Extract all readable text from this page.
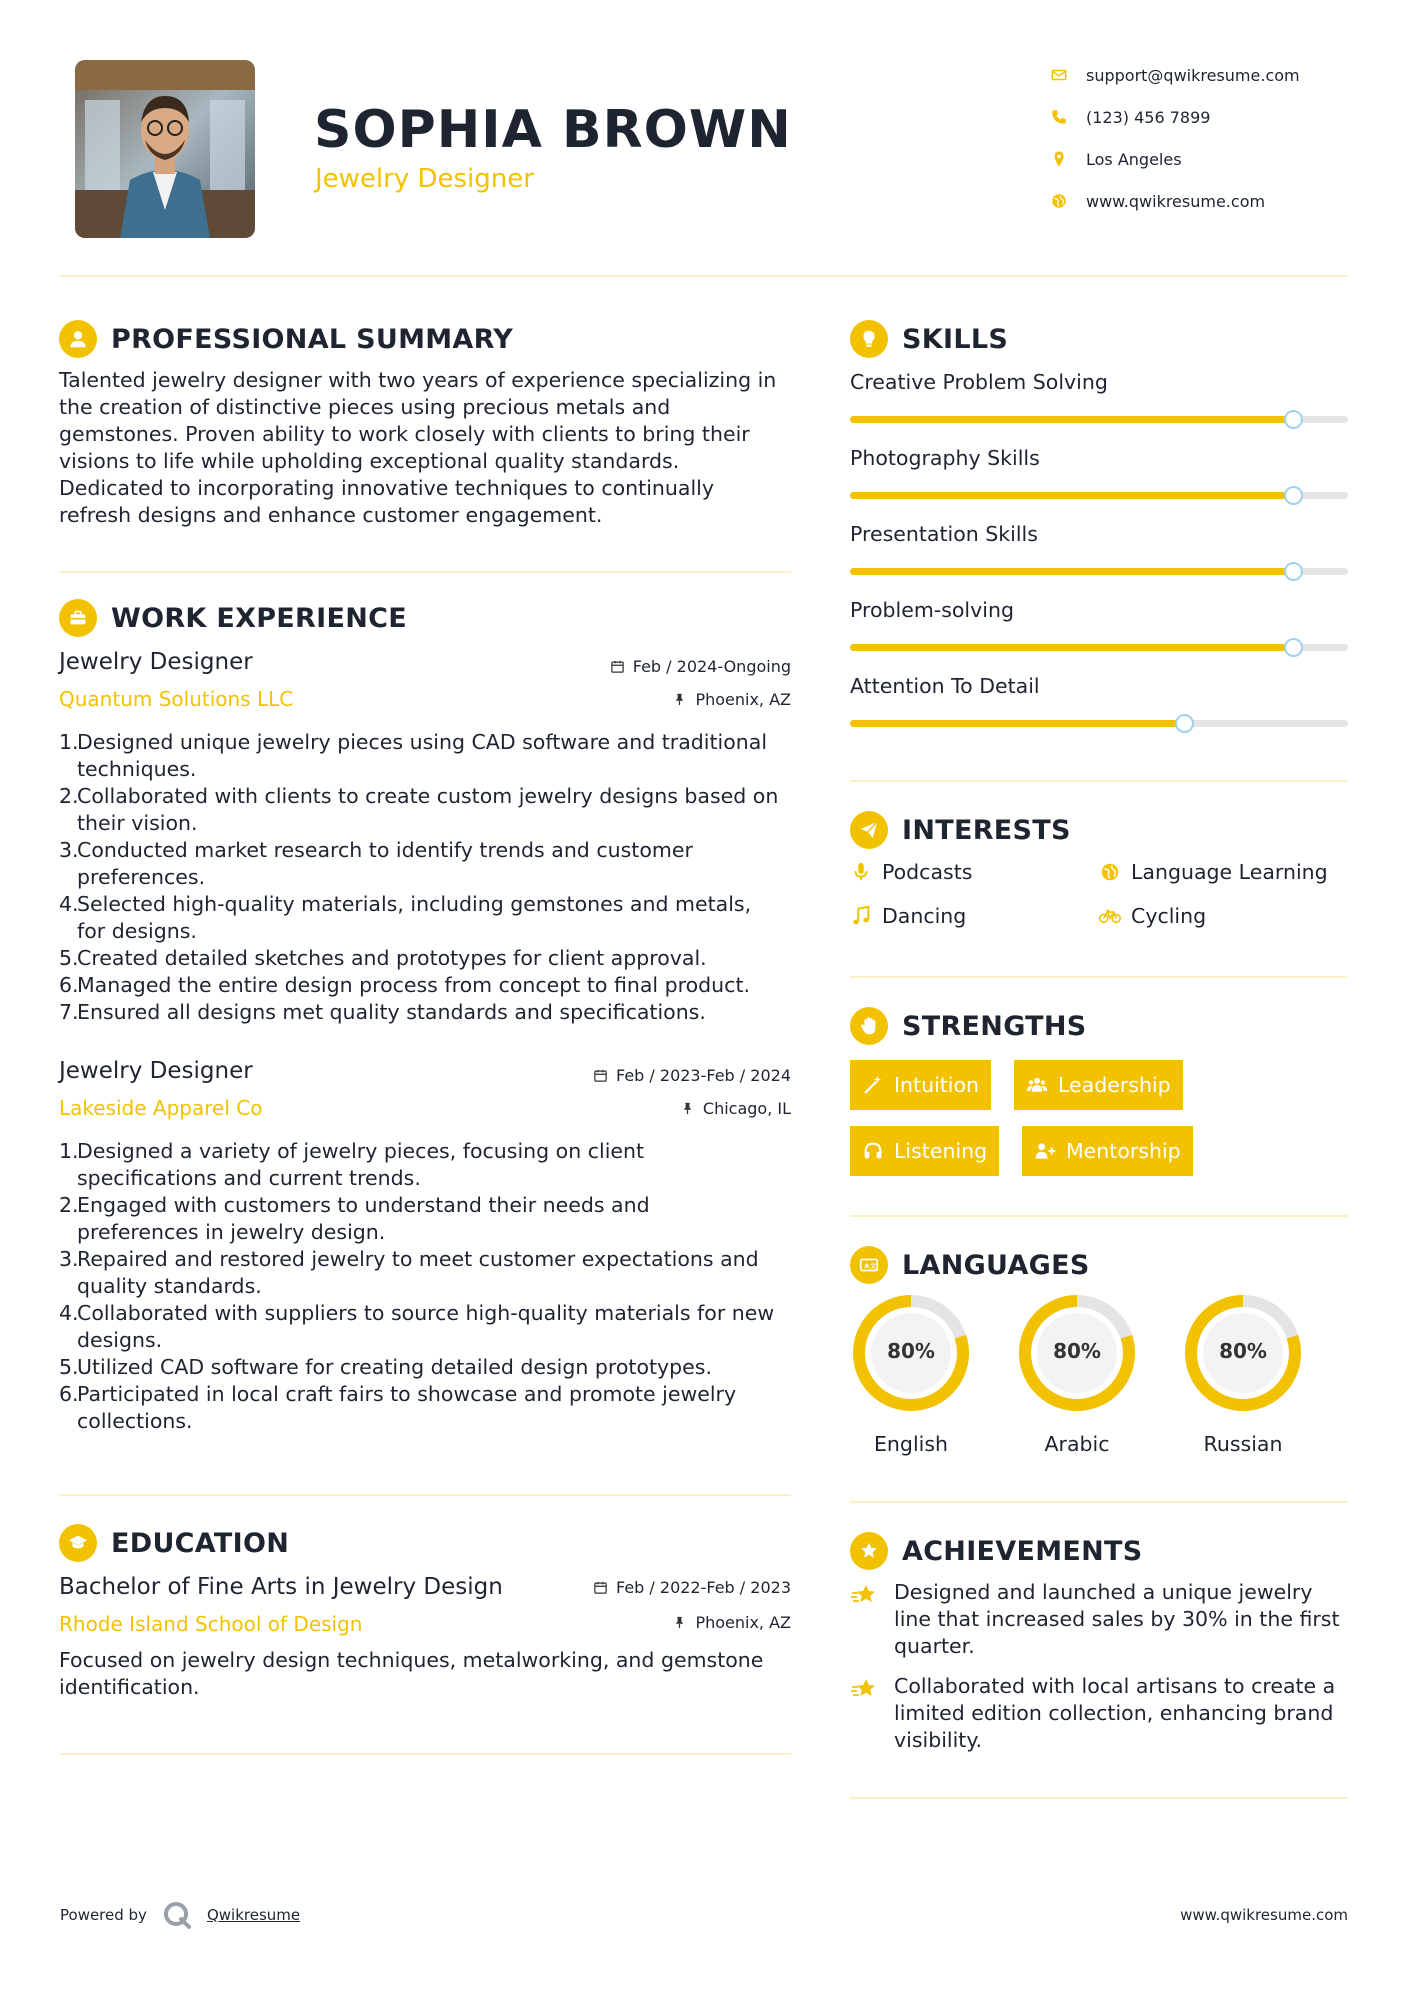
SOPHIA BROWN
Jewelry Designer
support@qwikresume.com
(123) 456 7899
Los Angeles
www.qwikresume.com
PROFESSIONAL SUMMARY
Talented jewelry designer with two years of experience specializing in
the creation of distinctive pieces using precious metals and
gemstones. Proven ability to work closely with clients to bring their
visions to life while upholding exceptional quality standards.
Dedicated to incorporating innovative techniques to continually
refresh designs and enhance customer engagement.
WORK EXPERIENCE
Jewelry Designer	Feb / 2024-Ongoing
Quantum Solutions LLC	Phoenix, AZ
1.
Designed unique jewelry pieces using CAD software and traditional
techniques.
2.
Collaborated with clients to create custom jewelry designs based on
their vision.
3.
Conducted market research to identify trends and customer
preferences.
4.
Selected high-quality materials, including gemstones and metals,
for designs.
5.
Created detailed sketches and prototypes for client approval.
6.
Managed the entire design process from concept to final product.
7.
Ensured all designs met quality standards and specifications.
Jewelry Designer	Feb / 2023-Feb / 2024
Lakeside Apparel Co	Chicago, IL
1.
Designed a variety of jewelry pieces, focusing on client
specifications and current trends.
2.
Engaged with customers to understand their needs and
preferences in jewelry design.
3.
Repaired and restored jewelry to meet customer expectations and
quality standards.
4.
Collaborated with suppliers to source high-quality materials for new
designs.
5.
Utilized CAD software for creating detailed design prototypes.
6.
Participated in local craft fairs to showcase and promote jewelry
collections.
EDUCATION
Bachelor of Fine Arts in Jewelry Design	Feb / 2022-Feb / 2023
Rhode Island School of Design	Phoenix, AZ
Focused on jewelry design techniques, metalworking, and gemstone
identification.
SKILLS
Creative Problem Solving
Photography Skills
Presentation Skills
Problem-solving
Attention To Detail
INTERESTS
Podcasts	Language Learning
Dancing	Cycling
STRENGTHS
Intuition	Leadership
Listening	Mentorship
A 文 LANGUAGES
80%
English
80%
Arabic
80%
Russian
ACHIEVEMENTS
Designed and launched a unique jewelry
line that increased sales by 30% in the first
quarter.
Collaborated with local artisans to create a
limited edition collection, enhancing brand
visibility.
Powered by	Qwikresume	www.qwikresume.com
